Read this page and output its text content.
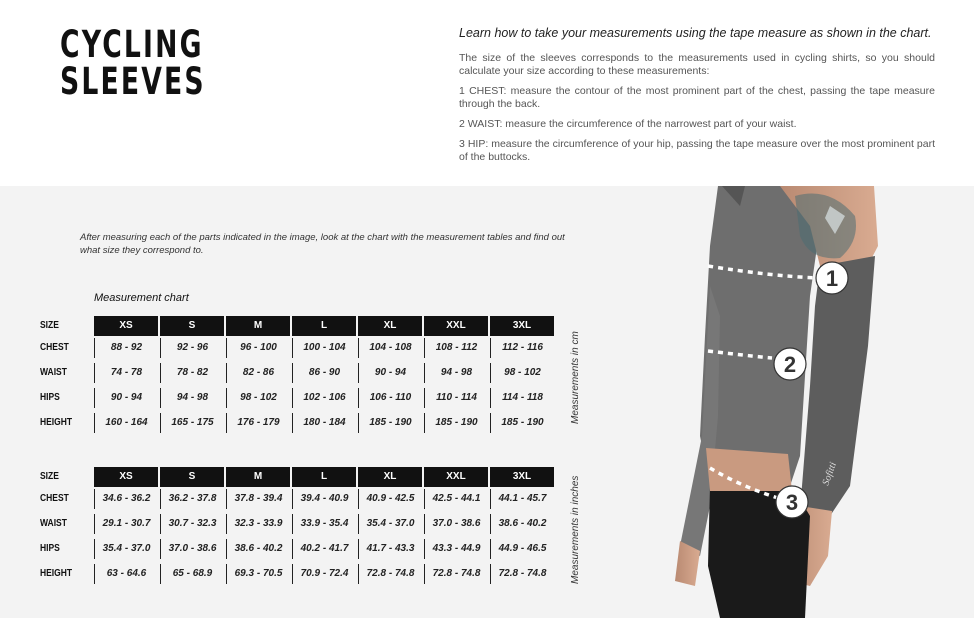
CYCLING
SLEEVES
Learn how to take your measurements using the tape measure as shown in the chart.

The size of the sleeves corresponds to the measurements used in cycling shirts, so you should calculate your size according to these measurements:

1 CHEST: measure the contour of the most prominent part of the chest, passing the tape measure through the back.

2 WAIST: measure the circumference of the narrowest part of your waist.

3 HIP: measure the circumference of your hip, passing the tape measure over the most prominent part of the buttocks.

After measuring each of the parts indicated in the image, look at the chart with the measurement tables and find out what size they correspond to.
Measurement chart
SIZE	XS	S	M	L	XL	XXL	3XL
CHEST	88 - 92	92 - 96	96 - 100	100 - 104	104 - 108	108 - 112	112 - 116
WAIST	74 - 78	78 - 82	82 - 86	86 - 90	90 - 94	94 - 98	98 - 102
HIPS	90 - 94	94 - 98	98 - 102	102 - 106	106 - 110	110 - 114	114 - 118
HEIGHT	160 - 164	165 - 175	176 - 179	180 - 184	185 - 190	185 - 190	185 - 190	Measurements in cm
SIZE	XS	S	M	L	XL	XXL	3XL
CHEST	34.6 - 36.2	36.2 - 37.8	37.8 - 39.4	39.4 - 40.9	40.9 - 42.5	42.5 - 44.1	44.1 - 45.7
WAIST	29.1 - 30.7	30.7 - 32.3	32.3 - 33.9	33.9 - 35.4	35.4 - 37.0	37.0 - 38.6	38.6 - 40.2
HIPS	35.4 - 37.0	37.0 - 38.6	38.6 - 40.2	40.2 - 41.7	41.7 - 43.3	43.3 - 44.9	44.9 - 46.5
HEIGHT	63 - 64.6	65 - 68.9	69.3 - 70.5	70.9 - 72.4	72.8 - 74.8	72.8 - 74.8	72.8 - 74.8	Measurements in inches
1
2
3
Sofitti
